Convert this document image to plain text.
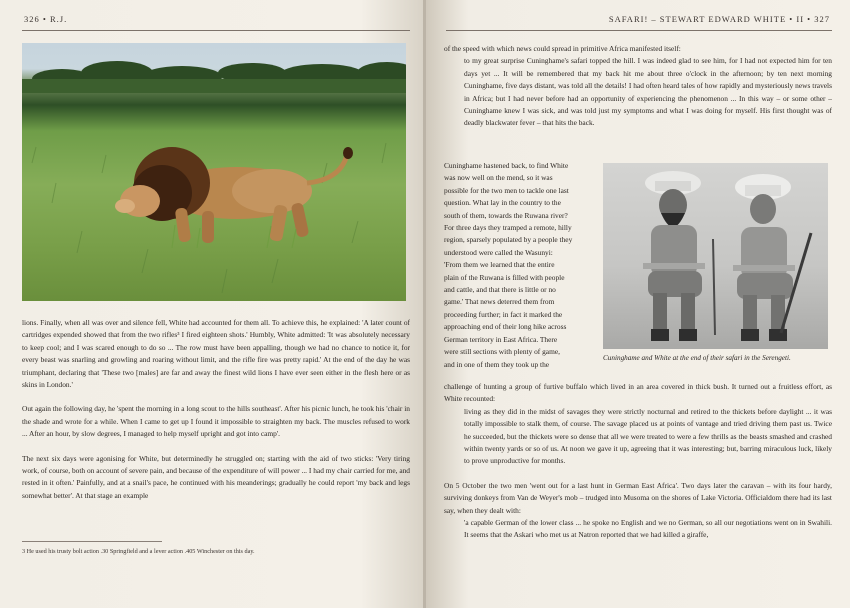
326 • R.J.

lions. Finally, when all was over and silence fell, White had accounted for them all. To achieve this, he explained: 'A later count of cartridges expended showed that from the two rifles³ I fired eighteen shots.' Humbly, White admitted: 'It was absolutely necessary to keep cool; and I was scared enough to do so ... The row must have been appalling, though we had no chance to notice it, for every beast was snarling and growling and roaring without limit, and the rifle fire was pretty rapid.' At the end of the day he was triumphant, declaring that 'These two [males] are far and away the finest wild lions I have ever seen either in the flesh here or as skins in London.'

Out again the following day, he 'spent the morning in a long scout to the hills southeast'. After his picnic lunch, he took his 'chair in the shade and wrote for a while. When I came to get up I found it impossible to straighten my back. The muscles refused to work ... After an hour, by slow degrees, I managed to help myself upright and got into camp'.

The next six days were agonising for White, but determinedly he struggled on; starting with the aid of two sticks: 'Very tiring work, of course, both on account of severe pain, and because of the expenditure of will power ... I had my chair carried for me, and rested in it often.' Painfully, and at a snail's pace, he continued with his meanderings; gradually he could report 'my back and legs somewhat better'. At that stage an example

3 He used his trusty bolt action .30 Springfield and a lever action .405 Winchester on this day.
SAFARI! – STEWART EDWARD WHITE • II • 327

of the speed with which news could spread in primitive Africa manifested itself:

to my great surprise Cuninghame's safari topped the hill. I was indeed glad to see him, for I had not expected him for ten days yet ... It will be remembered that my back hit me about three o'clock in the afternoon; by ten next morning Cuninghame, five days distant, was told all the details! I had often heard tales of how rapidly and mysteriously news travels in Africa; but I had never before had an opportunity of experiencing the phenomenon ... In this way – or some other – Cuninghame knew I was sick, and was told just my symptoms and what I was doing for myself. His first thought was of deadly blackwater fever – that hits the back.

Cuninghame hastened back, to find White
was now well on the mend, so it was
possible for the two men to tackle one last
question. What lay in the country to the
south of them, towards the Ruwana river?
For three days they tramped a remote, hilly
region, sparsely populated by a people they
understood were called the Wasunyi:
'From them we learned that the entire
plain of the Ruwana is filled with people
and cattle, and that there is little or no
game.' That news deterred them from
proceeding further; in fact it marked the
approaching end of their long hike across
German territory in East Africa. There
were still sections with plenty of game,
and in one of them they took up the
Cuninghame and White at the end of their safari in the Serengeti.

challenge of hunting a group of furtive buffalo which lived in an area covered in thick bush. It turned out a fruitless effort, as White recounted:

living as they did in the midst of savages they were strictly nocturnal and retired to the thickets before daylight ... it was totally impossible to stalk them, of course. The savage placed us at points of vantage and tried driving them past us. Twice he succeeded, but the thickets were so dense that all we were treated to were a few thrills as the beasts smashed and crashed within twenty yards or so of us. At noon we gave it up, agreeing that it was interesting; but, barring miraculous luck, likely to prove unproductive for months.

On 5 October the two men 'went out for a last hunt in German East Africa'. Two days later the caravan – with its four hardy, surviving donkeys from Van de Weyer's mob – trudged into Musoma on the shores of Lake Victoria. Officialdom there had its last say, when they dealt with:

'a capable German of the lower class ... he spoke no English and we no German, so all our negotiations went on in Swahili. It seems that the Askari who met us at Natron reported that we had killed a giraffe,
